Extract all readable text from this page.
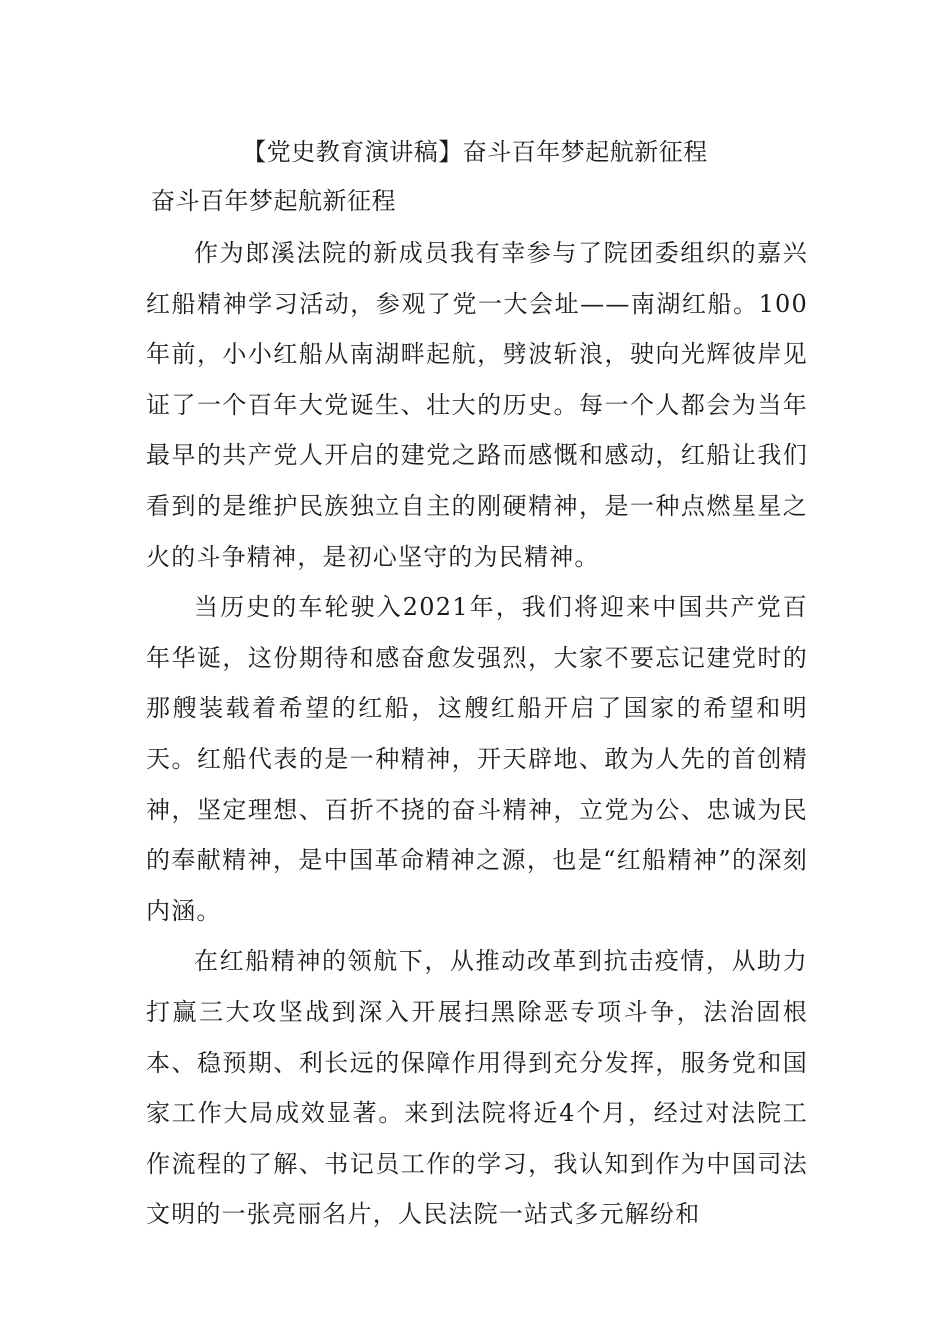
【党史教育演讲稿】奋斗百年梦起航新征程
奋斗百年梦起航新征程

作为郎溪法院的新成员我有幸参与了院团委组织的嘉兴红船精神学习活动，参观了党一大会址——南湖红船。100年前，小小红船从南湖畔起航，劈波斩浪，驶向光辉彼岸见证了一个百年大党诞生、壮大的历史。每一个人都会为当年最早的共产党人开启的建党之路而感慨和感动，红船让我们看到的是维护民族独立自主的刚硬精神，是一种点燃星星之火的斗争精神，是初心坚守的为民精神。

当历史的车轮驶入2021年，我们将迎来中国共产党百年华诞，这份期待和感奋愈发强烈，大家不要忘记建党时的那艘装载着希望的红船，这艘红船开启了国家的希望和明天。红船代表的是一种精神，开天辟地、敢为人先的首创精神，坚定理想、百折不挠的奋斗精神，立党为公、忠诚为民的奉献精神，是中国革命精神之源，也是“红船精神”的深刻内涵。

在红船精神的领航下，从推动改革到抗击疫情，从助力打赢三大攻坚战到深入开展扫黑除恶专项斗争，法治固根本、稳预期、利长远的保障作用得到充分发挥，服务党和国家工作大局成效显著。来到法院将近4个月，经过对法院工作流程的了解、书记员工作的学习，我认知到作为中国司法文明的一张亮丽名片，人民法院一站式多元解纷和
